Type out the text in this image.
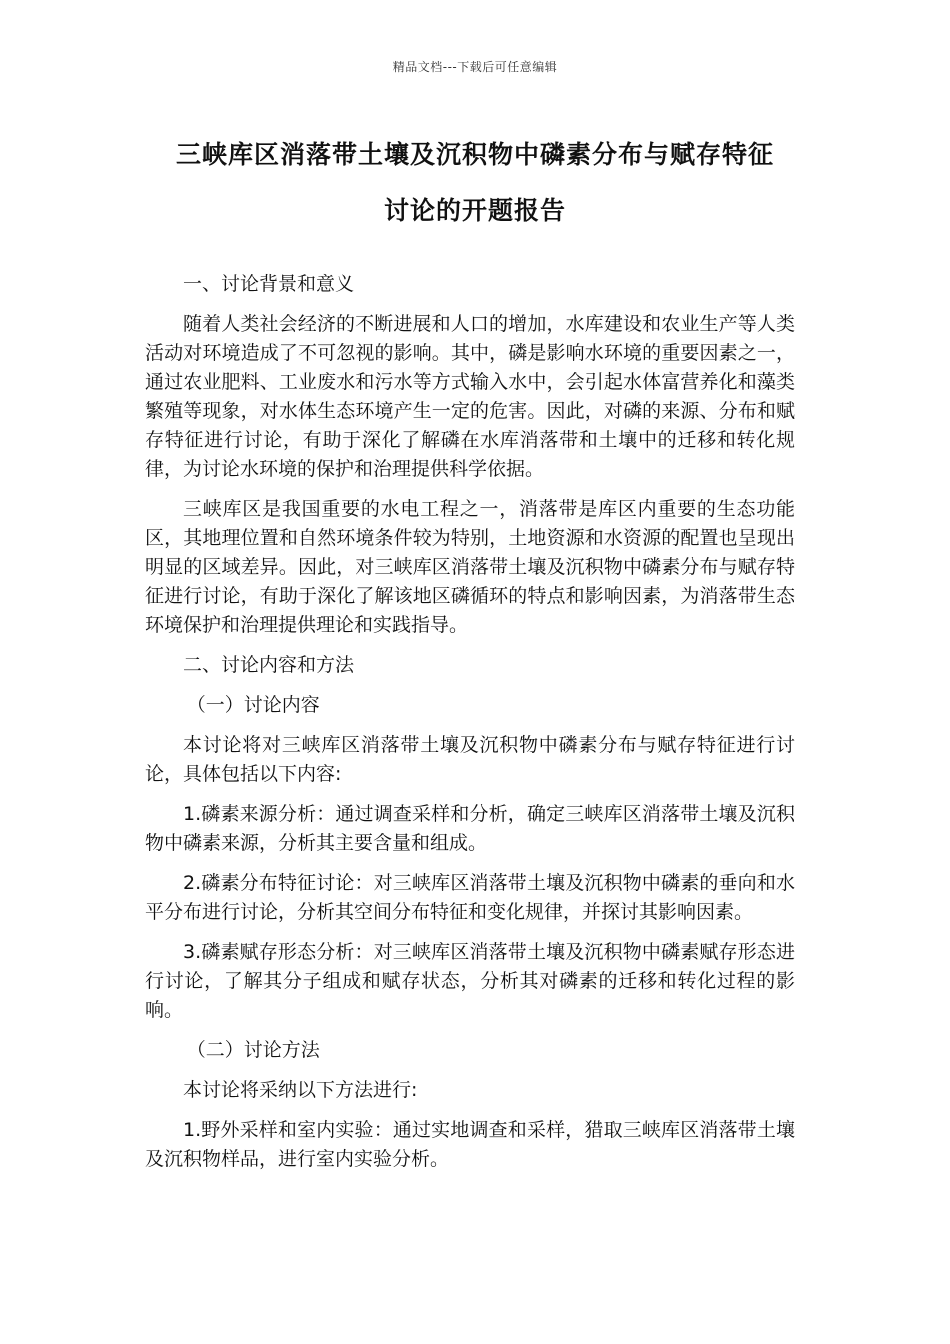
精品文档---下载后可任意编辑
三峡库区消落带土壤及沉积物中磷素分布与赋存特征
讨论的开题报告

一、讨论背景和意义

随着人类社会经济的不断进展和人口的增加，水库建设和农业生产等人类活动对环境造成了不可忽视的影响。其中，磷是影响水环境的重要因素之一，通过农业肥料、工业废水和污水等方式输入水中，会引起水体富营养化和藻类繁殖等现象，对水体生态环境产生一定的危害。因此，对磷的来源、分布和赋存特征进行讨论，有助于深化了解磷在水库消落带和土壤中的迁移和转化规律，为讨论水环境的保护和治理提供科学依据。

三峡库区是我国重要的水电工程之一，消落带是库区内重要的生态功能区，其地理位置和自然环境条件较为特别，土地资源和水资源的配置也呈现出明显的区域差异。因此，对三峡库区消落带土壤及沉积物中磷素分布与赋存特征进行讨论，有助于深化了解该地区磷循环的特点和影响因素，为消落带生态环境保护和治理提供理论和实践指导。

二、讨论内容和方法

（一）讨论内容

本讨论将对三峡库区消落带土壤及沉积物中磷素分布与赋存特征进行讨论，具体包括以下内容:

1.磷素来源分析：通过调查采样和分析，确定三峡库区消落带土壤及沉积物中磷素来源，分析其主要含量和组成。

2.磷素分布特征讨论：对三峡库区消落带土壤及沉积物中磷素的垂向和水平分布进行讨论，分析其空间分布特征和变化规律，并探讨其影响因素。

3.磷素赋存形态分析：对三峡库区消落带土壤及沉积物中磷素赋存形态进行讨论，了解其分子组成和赋存状态，分析其对磷素的迁移和转化过程的影响。

（二）讨论方法

本讨论将采纳以下方法进行:

1.野外采样和室内实验：通过实地调查和采样，猎取三峡库区消落带土壤及沉积物样品，进行室内实验分析。
